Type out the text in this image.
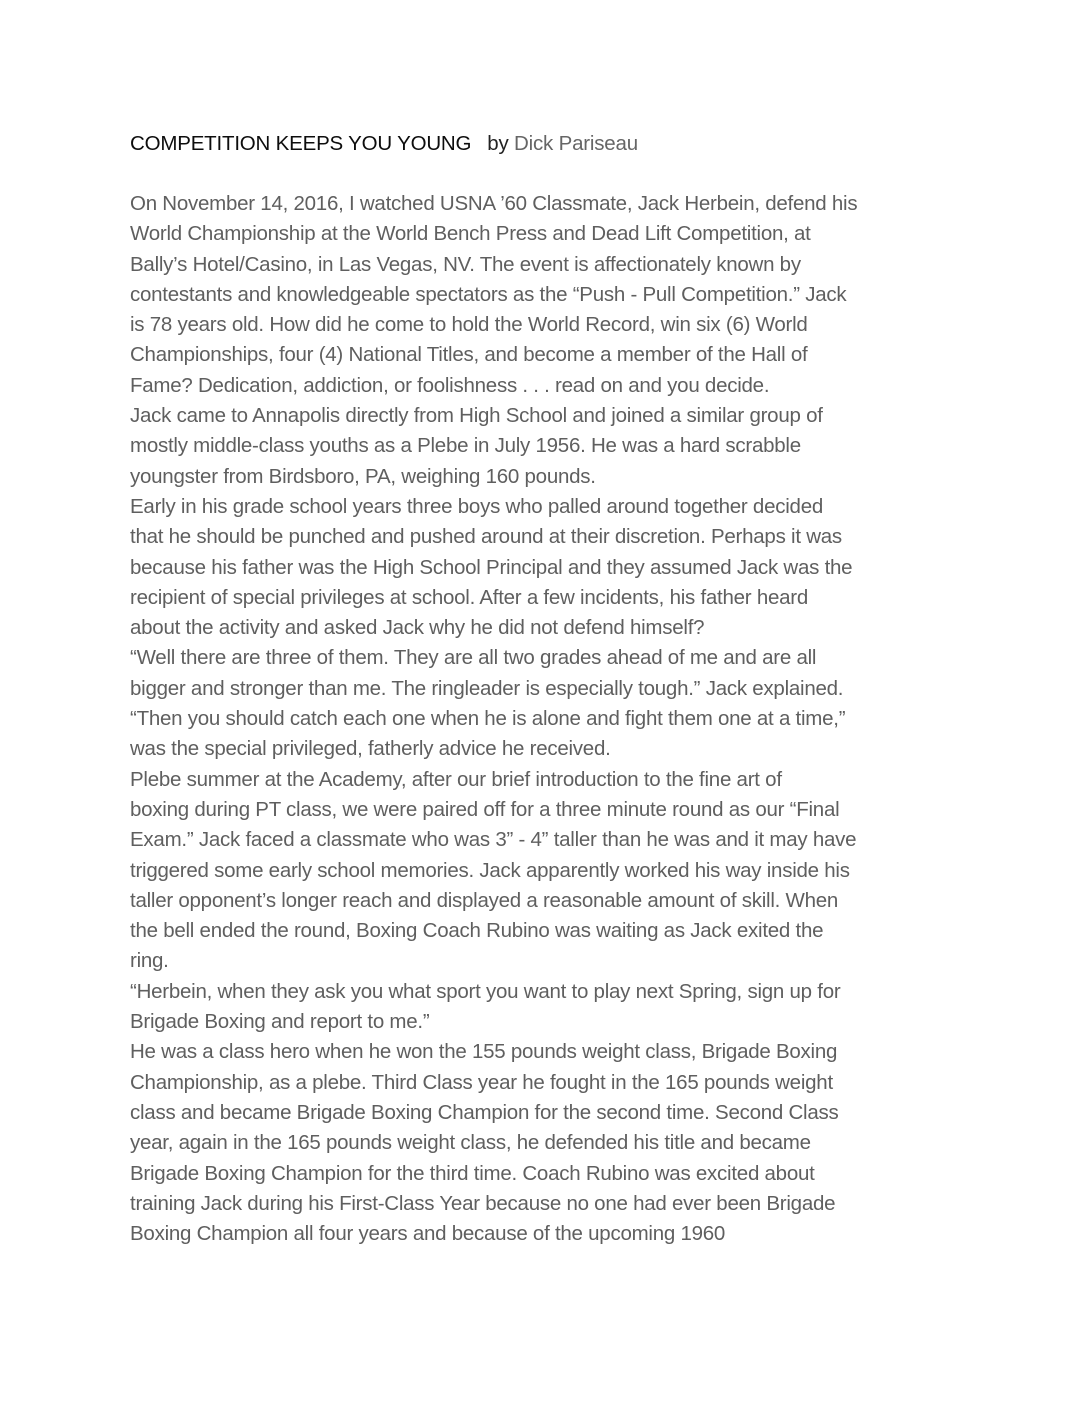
COMPETITION KEEPS YOU YOUNG by Dick Pariseau
On November 14, 2016, I watched USNA ’60 Classmate, Jack Herbein, defend his
World Championship at the World Bench Press and Dead Lift Competition, at
Bally’s Hotel/Casino, in Las Vegas, NV. The event is affectionately known by
contestants and knowledgeable spectators as the “Push - Pull Competition.” Jack
is 78 years old. How did he come to hold the World Record, win six (6) World
Championships, four (4) National Titles, and become a member of the Hall of
Fame? Dedication, addiction, or foolishness . . . read on and you decide.
Jack came to Annapolis directly from High School and joined a similar group of
mostly middle-class youths as a Plebe in July 1956. He was a hard scrabble
youngster from Birdsboro, PA, weighing 160 pounds.
Early in his grade school years three boys who palled around together decided
that he should be punched and pushed around at their discretion. Perhaps it was
because his father was the High School Principal and they assumed Jack was the
recipient of special privileges at school. After a few incidents, his father heard
about the activity and asked Jack why he did not defend himself?
“Well there are three of them. They are all two grades ahead of me and are all
bigger and stronger than me. The ringleader is especially tough.” Jack explained.
“Then you should catch each one when he is alone and fight them one at a time,”
was the special privileged, fatherly advice he received.
Plebe summer at the Academy, after our brief introduction to the fine art of
boxing during PT class, we were paired off for a three minute round as our “Final
Exam.” Jack faced a classmate who was 3” - 4” taller than he was and it may have
triggered some early school memories. Jack apparently worked his way inside his
taller opponent’s longer reach and displayed a reasonable amount of skill. When
the bell ended the round, Boxing Coach Rubino was waiting as Jack exited the
ring.
“Herbein, when they ask you what sport you want to play next Spring, sign up for
Brigade Boxing and report to me.”
He was a class hero when he won the 155 pounds weight class, Brigade Boxing
Championship, as a plebe. Third Class year he fought in the 165 pounds weight
class and became Brigade Boxing Champion for the second time. Second Class
year, again in the 165 pounds weight class, he defended his title and became
Brigade Boxing Champion for the third time. Coach Rubino was excited about
training Jack during his First-Class Year because no one had ever been Brigade
Boxing Champion all four years and because of the upcoming 1960
